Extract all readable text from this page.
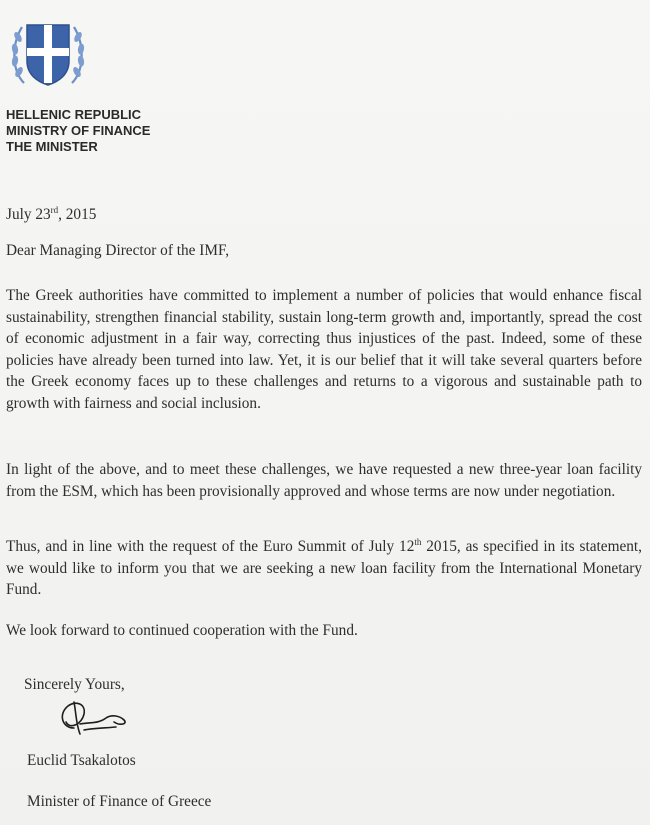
HELLENIC REPUBLIC
MINISTRY OF FINANCE
THE MINISTER
July 23rd, 2015
Dear Managing Director of the IMF,

The Greek authorities have committed to implement a number of policies that would enhance fiscal sustainability, strengthen financial stability, sustain long-term growth and, importantly, spread the cost of economic adjustment in a fair way, correcting thus injustices of the past. Indeed, some of these policies have already been turned into law. Yet, it is our belief that it will take several quarters before the Greek economy faces up to these challenges and returns to a vigorous and sustainable path to growth with fairness and social inclusion.

In light of the above, and to meet these challenges, we have requested a new three-year loan facility from the ESM, which has been provisionally approved and whose terms are now under negotiation.

Thus, and in line with the request of the Euro Summit of July 12th 2015, as specified in its statement, we would like to inform you that we are seeking a new loan facility from the International Monetary Fund.

We look forward to continued cooperation with the Fund.

Sincerely Yours,
Euclid Tsakalotos
Minister of Finance of Greece
